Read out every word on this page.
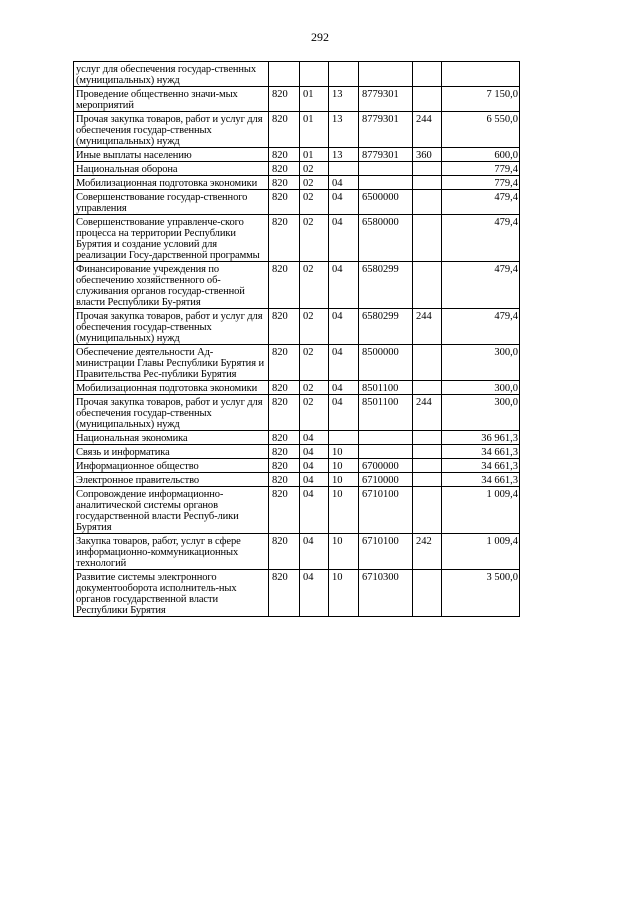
292
услуг для обеспечения государ-ственных (муниципальных) нужд						
Проведение общественно значи-мых мероприятий	820	01	13	8779301		7 150,0
Прочая закупка товаров, работ и услуг для обеспечения государ-ственных (муниципальных) нужд	820	01	13	8779301	244	6 550,0
Иные выплаты населению	820	01	13	8779301	360	600,0
Национальная оборона	820	02				779,4
Мобилизационная подготовка экономики	820	02	04			779,4
Совершенствование государ-ственного управления	820	02	04	6500000		479,4
Совершенствование управленче-ского процесса на территории Республики Бурятия и создание условий для реализации Госу-дарственной программы	820	02	04	6580000		479,4
Финансирование учреждения по обеспечению хозяйственного об-служивания органов государ-ственной власти Республики Бу-рятия	820	02	04	6580299		479,4
Прочая закупка товаров, работ и услуг для обеспечения государ-ственных (муниципальных) нужд	820	02	04	6580299	244	479,4
Обеспечение деятельности Ад-министрации Главы Республики Бурятия и Правительства Рес-публики Бурятия	820	02	04	8500000		300,0
Мобилизационная подготовка экономики	820	02	04	8501100		300,0
Прочая закупка товаров, работ и услуг для обеспечения государ-ственных (муниципальных) нужд	820	02	04	8501100	244	300,0
Национальная экономика	820	04				36 961,3
Связь и информатика	820	04	10			34 661,3
Информационное общество	820	04	10	6700000		34 661,3
Электронное правительство	820	04	10	6710000		34 661,3
Сопровождение информационно-аналитической системы органов государственной власти Респуб-лики Бурятия	820	04	10	6710100		1 009,4
Закупка товаров, работ, услуг в сфере информационно-коммуникационных технологий	820	04	10	6710100	242	1 009,4
Развитие системы электронного документооборота исполнитель-ных органов государственной власти Республики Бурятия	820	04	10	6710300		3 500,0
